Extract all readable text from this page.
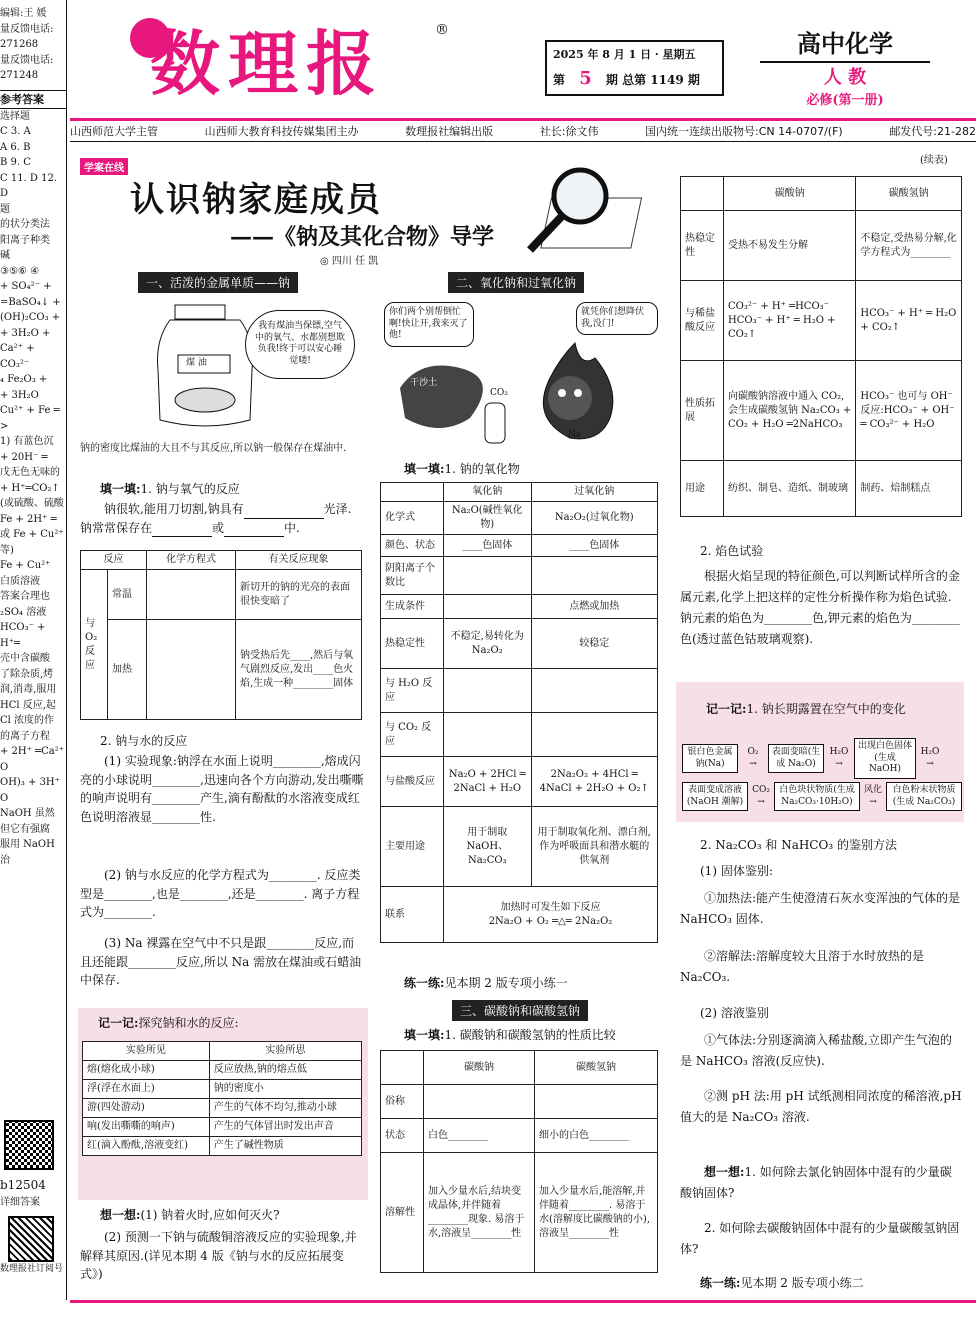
编辑:王 媛
量反馈电话:
271268
量反馈电话:
271248
参考答案
选择题
C 3. A
A 6. B
B 9. C
C 11. D 12. D
题
的状分类法
阳离子种类
碱
③⑤⑥ ④
+ SO₄²⁻ +
=BaSO₄↓ +
(OH)₂CO₃ +
+ 3H₂O +
Ca²⁺ + CO₃²⁻
₄ Fe₂O₃ +
+ 3H₂O
Cu²⁺ + Fe ═
>
1) 有蓝色沉
+ 20H⁻ ═
戊无色无味的
+ H⁺═CO₂↑
(或硫酸、硫酸
Fe + 2H⁺ ═
或 Fe + Cu²⁺
等)
Fe + Cu²⁺
白质溶液
答案合理也
₂SO₄ 溶液
HCO₃⁻ + H⁺═
壳中含碳酸
了除杂质,烤
润,消毒,服用
HCl 反应,起
Cl 浓度的作
的离子方程
+ 2H⁺ ═Ca²⁺
O
OH)₃ + 3H⁺
O
NaOH 虽然
但它有强腐
服用 NaOH 治
b12504
详细答案
数理报社订阅号
数理报	®
2025 年 8 月 1 日 · 星期五
第 5 期 总第 1149 期
高中化学
人 教
必修(第一册)
山西师范大学主管	山西师大教育科技传媒集团主办	数理报社编辑出版	社长:徐文伟	国内统一连续出版物号:CN 14-0707/(F)	邮发代号:21-282
学案在线
认识钠家庭成员
——《钠及其化合物》导学
◎ 四川 任 凯
一、活泼的金属单质——钠
煤 油
我有煤油当保镖,空气中的氧气、水都别想欺负我!终于可以安心睡觉喽!
钠的密度比煤油的大且不与其反应,所以钠一般保存在煤油中.
填一填:1. 钠与氧气的反应
钠很软,能用刀切割,钠具有	光泽. 钠常常保存在	或	中.
反应		化学方程式	有关反应现象
与 O₂ 反应	常温		新切开的钠的光亮的表面很快变暗了
	加热		钠受热后先____,然后与氧气剧烈反应,发出____色火焰,生成一种________固体
2. 钠与水的反应
(1) 实验现象:钠浮在水面上说明________,熔成闪亮的小球说明________,迅速向各个方向游动,发出嘶嘶的响声说明有________产生,滴有酚酞的水溶液变成红色说明溶液显________性.
(2) 钠与水反应的化学方程式为________. 反应类型是________,也是________,还是________. 离子方程式为________.
(3) Na 裸露在空气中不只是跟________反应,而且还能跟________反应,所以 Na 需放在煤油或石蜡油中保存.
记一记:探究钠和水的反应:
实验所见	实验所思
熔(熔化成小球)	反应放热,钠的熔点低
浮(浮在水面上)	钠的密度小
游(四处游动)	产生的气体不均匀,推动小球
响(发出嘶嘶的响声)	产生的气体冒出时发出声音
红(滴入酚酞,溶液变红)	产生了碱性物质
想一想:(1) 钠着火时,应如何灭火?
(2) 预测一下钠与硫酸铜溶液反应的实验现象,并解释其原因.(详见本期 4 版《钠与水的反应拓展变式》)
二、氧化钠和过氧化钠
你们两个别帮倒忙啊!快让开,我来灭了他!
就凭你们想降伏我,没门!
干沙土
CO₂
Na
填一填:1. 钠的氧化物
	氧化钠	过氧化钠
化学式	Na₂O(碱性氧化物)	Na₂O₂(过氧化物)
颜色、状态	____色固体	____色固体
阴阳离子个数比		
生成条件		点燃或加热
热稳定性	不稳定,易转化为 Na₂O₂	较稳定
与 H₂O 反应		
与 CO₂ 反应		
与盐酸反应	Na₂O + 2HCl ═ 2NaCl + H₂O	2Na₂O₂ + 4HCl ═ 4NaCl + 2H₂O + O₂↑
主要用途	用于制取 NaOH、Na₂CO₃	用于制取氧化剂、漂白剂,作为呼吸面具和潜水艇的供氧剂
联系	加热时可发生如下反应
2Na₂O + O₂ ═△═ 2Na₂O₂	
练一练:见本期 2 版专项小练一
三、碳酸钠和碳酸氢钠
填一填:1. 碳酸钠和碳酸氢钠的性质比较
	碳酸钠	碳酸氢钠
俗称		
状态	白色________	细小的白色________
溶解性	加入少量水后,结块变成晶体,并伴随着________现象. 易溶于水,溶液呈________性	加入少量水后,能溶解,并伴随着________. 易溶于水(溶解度比碳酸钠的小),溶液呈________性
(续表)
	碳酸钠	碳酸氢钠
热稳定性	受热不易发生分解	不稳定,受热易分解,化学方程式为________
与稀盐酸反应	CO₃²⁻ + H⁺ ═HCO₃⁻ HCO₃⁻ + H⁺ ═ H₂O + CO₂↑	HCO₃⁻ + H⁺ ═ H₂O + CO₂↑
性质拓展	向碳酸钠溶液中通入 CO₂,会生成碳酸氢钠 Na₂CO₃ + CO₂ + H₂O ═2NaHCO₃	HCO₃⁻ 也可与 OH⁻ 反应:HCO₃⁻ + OH⁻ ═ CO₃²⁻ + H₂O
用途	纺织、制皂、造纸、制玻璃	制药、焙制糕点
2. 焰色试验
根据火焰呈现的特征颜色,可以判断试样所含的金属元素,化学上把这样的定性分析操作称为焰色试验. 钠元素的焰色为________色,钾元素的焰色为________色(透过蓝色钴玻璃观察).
记一记:1. 钠长期露置在空气中的变化
银白色金属钠(Na)
O₂
→
表面变暗(生成 Na₂O)
H₂O
→
出现白色固体(生成 NaOH)
H₂O
→
表面变成溶液(NaOH 潮解)
CO₂
→
白色块状物质(生成 Na₂CO₃·10H₂O)
风化
→
白色粉末状物质(生成 Na₂CO₃)
2. Na₂CO₃ 和 NaHCO₃ 的鉴别方法
(1) 固体鉴别:
①加热法:能产生使澄清石灰水变浑浊的气体的是 NaHCO₃ 固体.
②溶解法:溶解度较大且溶于水时放热的是 Na₂CO₃.
(2) 溶液鉴别
①气体法:分别逐滴滴入稀盐酸,立即产生气泡的是 NaHCO₃ 溶液(反应快).
②测 pH 法:用 pH 试纸测相同浓度的稀溶液,pH 值大的是 Na₂CO₃ 溶液.
想一想:1. 如何除去氯化钠固体中混有的少量碳酸钠固体?
2. 如何除去碳酸钠固体中混有的少量碳酸氢钠固体?
练一练:见本期 2 版专项小练二
